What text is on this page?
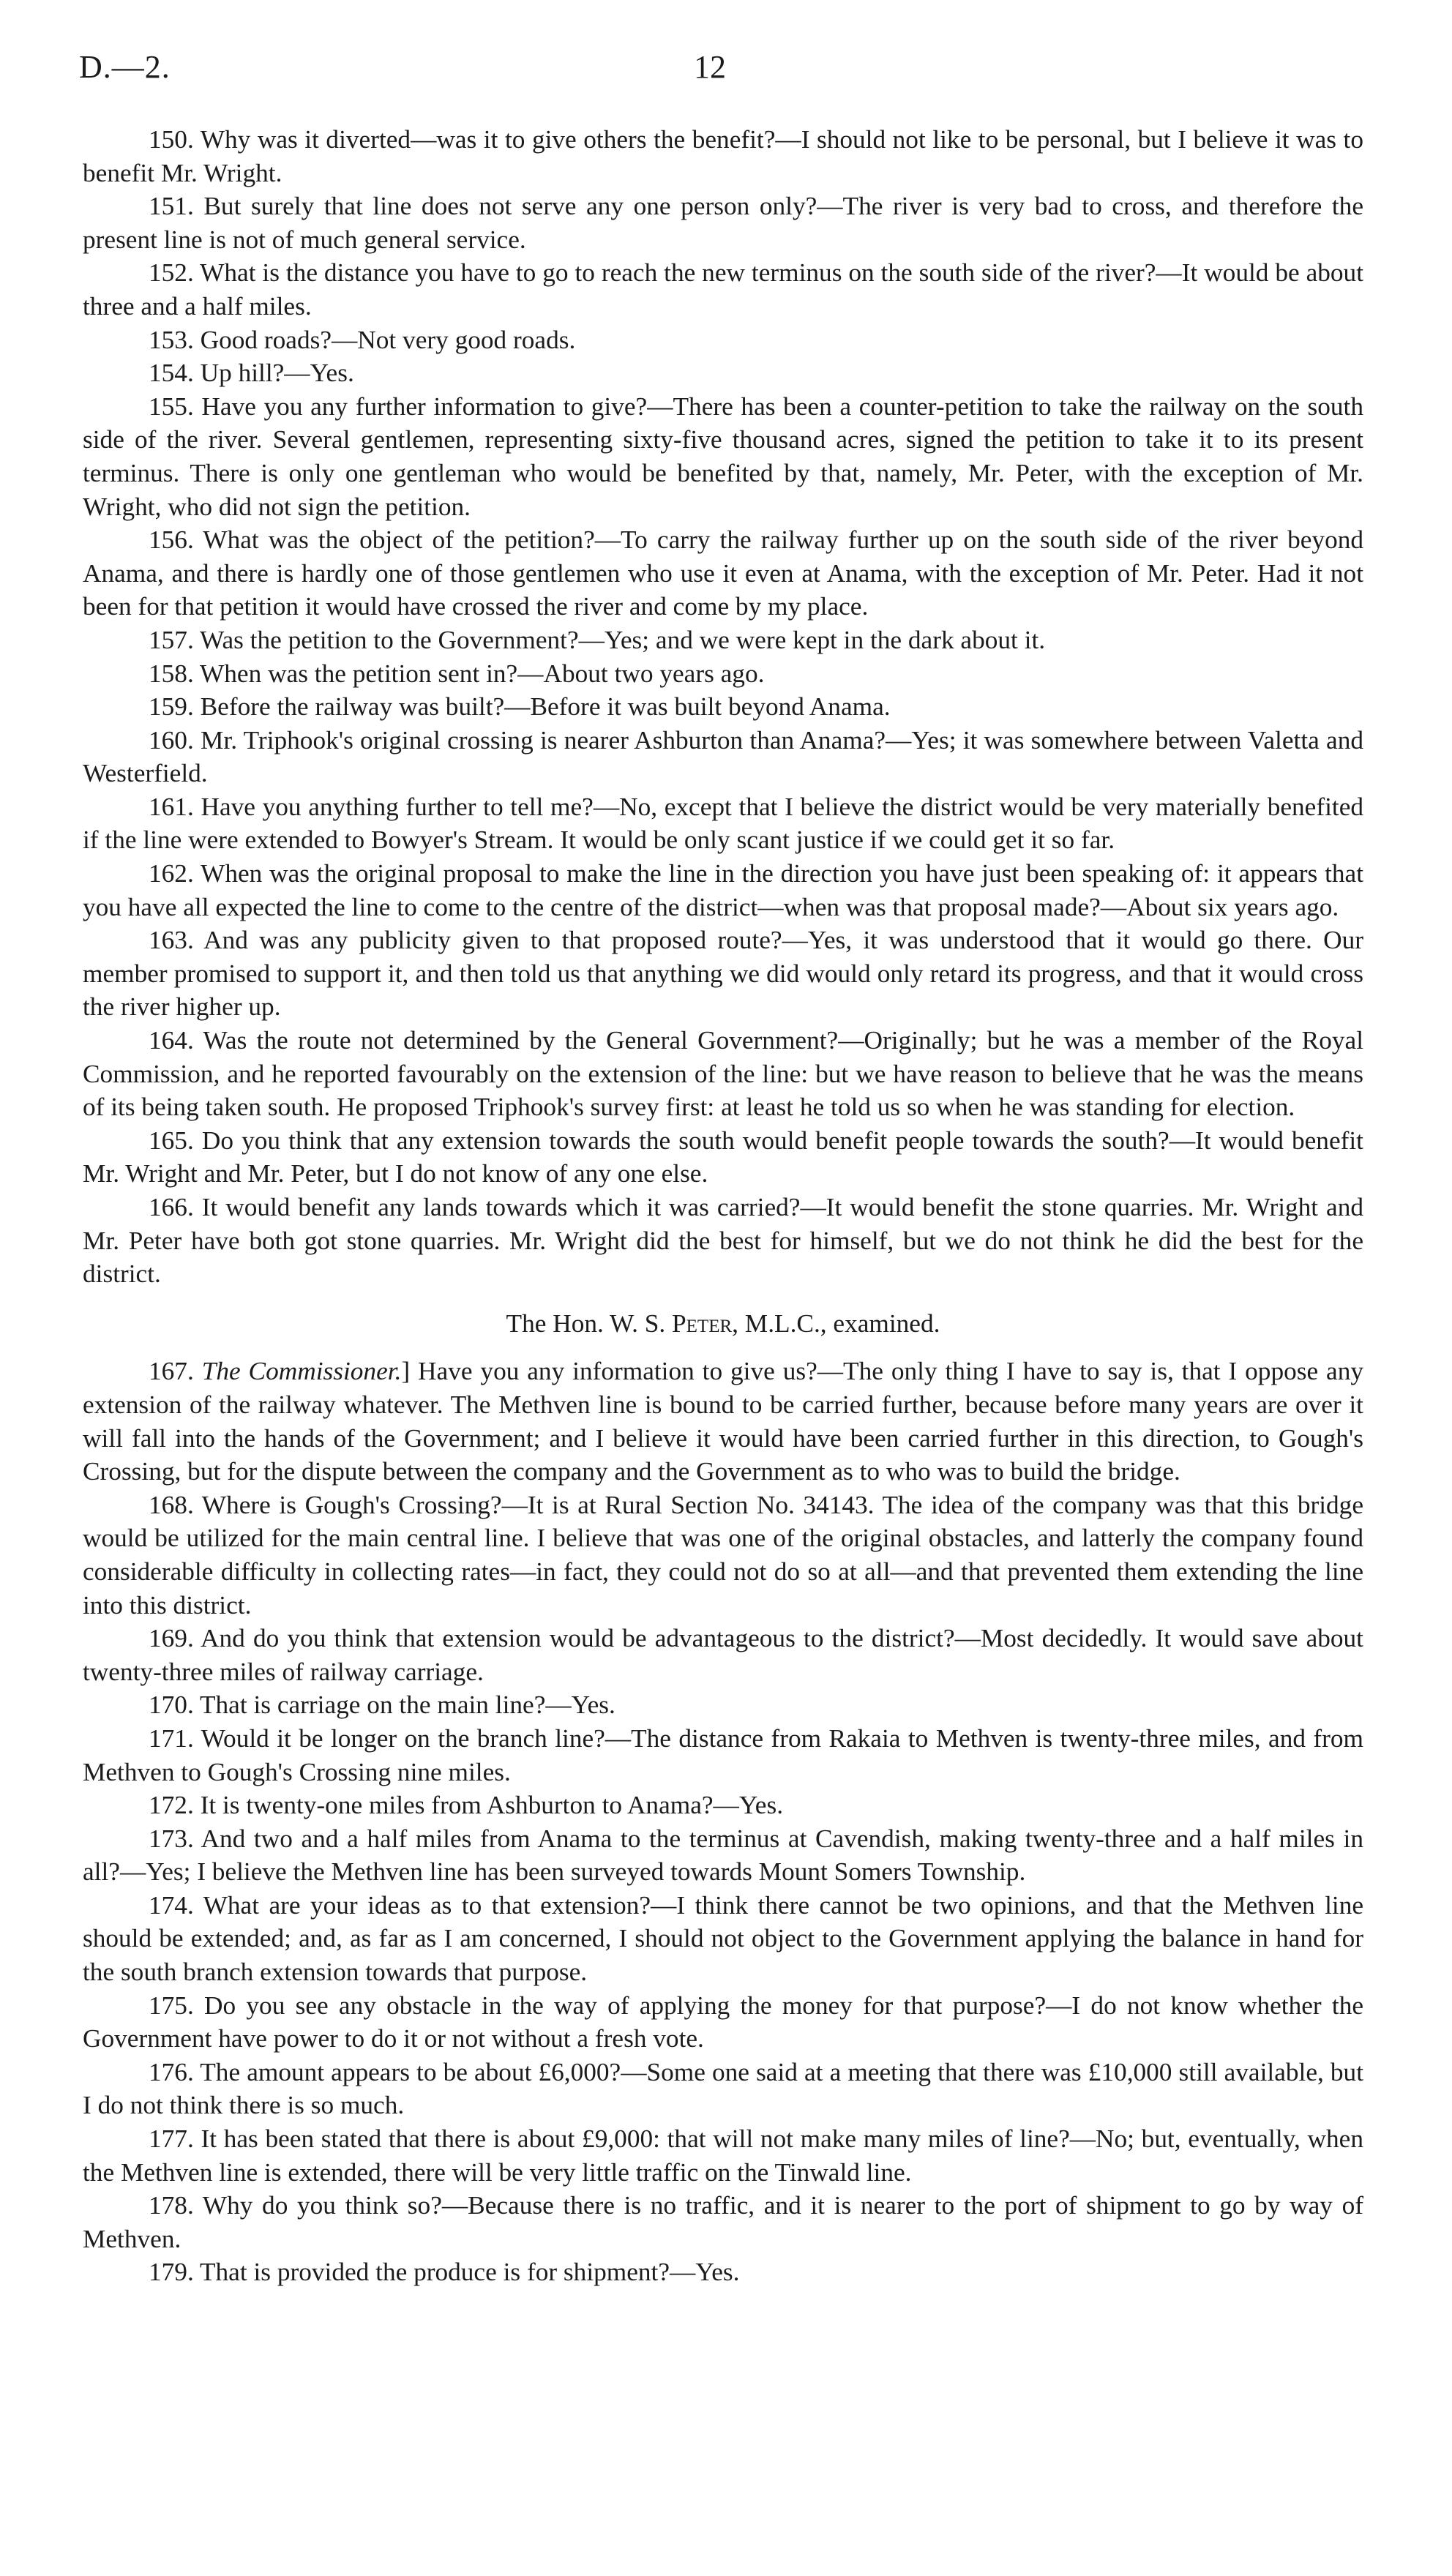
D.—2.	12

150. Why was it diverted—was it to give others the benefit?—I should not like to be personal, but I believe it was to benefit Mr. Wright.

151. But surely that line does not serve any one person only?—The river is very bad to cross, and therefore the present line is not of much general service.

152. What is the distance you have to go to reach the new terminus on the south side of the river?—It would be about three and a half miles.

153. Good roads?—Not very good roads.

154. Up hill?—Yes.

155. Have you any further information to give?—There has been a counter-petition to take the railway on the south side of the river. Several gentlemen, representing sixty-five thousand acres, signed the petition to take it to its present terminus. There is only one gentleman who would be benefited by that, namely, Mr. Peter, with the exception of Mr. Wright, who did not sign the petition.

156. What was the object of the petition?—To carry the railway further up on the south side of the river beyond Anama, and there is hardly one of those gentlemen who use it even at Anama, with the exception of Mr. Peter. Had it not been for that petition it would have crossed the river and come by my place.

157. Was the petition to the Government?—Yes; and we were kept in the dark about it.

158. When was the petition sent in?—About two years ago.

159. Before the railway was built?—Before it was built beyond Anama.

160. Mr. Triphook's original crossing is nearer Ashburton than Anama?—Yes; it was somewhere between Valetta and Westerfield.

161. Have you anything further to tell me?—No, except that I believe the district would be very materially benefited if the line were extended to Bowyer's Stream. It would be only scant justice if we could get it so far.

162. When was the original proposal to make the line in the direction you have just been speaking of: it appears that you have all expected the line to come to the centre of the district—when was that proposal made?—About six years ago.

163. And was any publicity given to that proposed route?—Yes, it was understood that it would go there. Our member promised to support it, and then told us that anything we did would only retard its progress, and that it would cross the river higher up.

164. Was the route not determined by the General Government?—Originally; but he was a member of the Royal Commission, and he reported favourably on the extension of the line: but we have reason to believe that he was the means of its being taken south. He proposed Triphook's survey first: at least he told us so when he was standing for election.

165. Do you think that any extension towards the south would benefit people towards the south?—It would benefit Mr. Wright and Mr. Peter, but I do not know of any one else.

166. It would benefit any lands towards which it was carried?—It would benefit the stone quarries. Mr. Wright and Mr. Peter have both got stone quarries. Mr. Wright did the best for himself, but we do not think he did the best for the district.

The Hon. W. S. Peter, M.L.C., examined.

167. The Commissioner.] Have you any information to give us?—The only thing I have to say is, that I oppose any extension of the railway whatever. The Methven line is bound to be carried further, because before many years are over it will fall into the hands of the Government; and I believe it would have been carried further in this direction, to Gough's Crossing, but for the dispute between the company and the Government as to who was to build the bridge.

168. Where is Gough's Crossing?—It is at Rural Section No. 34143. The idea of the company was that this bridge would be utilized for the main central line. I believe that was one of the original obstacles, and latterly the company found considerable difficulty in collecting rates—in fact, they could not do so at all—and that prevented them extending the line into this district.

169. And do you think that extension would be advantageous to the district?—Most decidedly. It would save about twenty-three miles of railway carriage.

170. That is carriage on the main line?—Yes.

171. Would it be longer on the branch line?—The distance from Rakaia to Methven is twenty-three miles, and from Methven to Gough's Crossing nine miles.

172. It is twenty-one miles from Ashburton to Anama?—Yes.

173. And two and a half miles from Anama to the terminus at Cavendish, making twenty-three and a half miles in all?—Yes; I believe the Methven line has been surveyed towards Mount Somers Township.

174. What are your ideas as to that extension?—I think there cannot be two opinions, and that the Methven line should be extended; and, as far as I am concerned, I should not object to the Government applying the balance in hand for the south branch extension towards that purpose.

175. Do you see any obstacle in the way of applying the money for that purpose?—I do not know whether the Government have power to do it or not without a fresh vote.

176. The amount appears to be about £6,000?—Some one said at a meeting that there was £10,000 still available, but I do not think there is so much.

177. It has been stated that there is about £9,000: that will not make many miles of line?—No; but, eventually, when the Methven line is extended, there will be very little traffic on the Tinwald line.

178. Why do you think so?—Because there is no traffic, and it is nearer to the port of shipment to go by way of Methven.

179. That is provided the produce is for shipment?—Yes.
